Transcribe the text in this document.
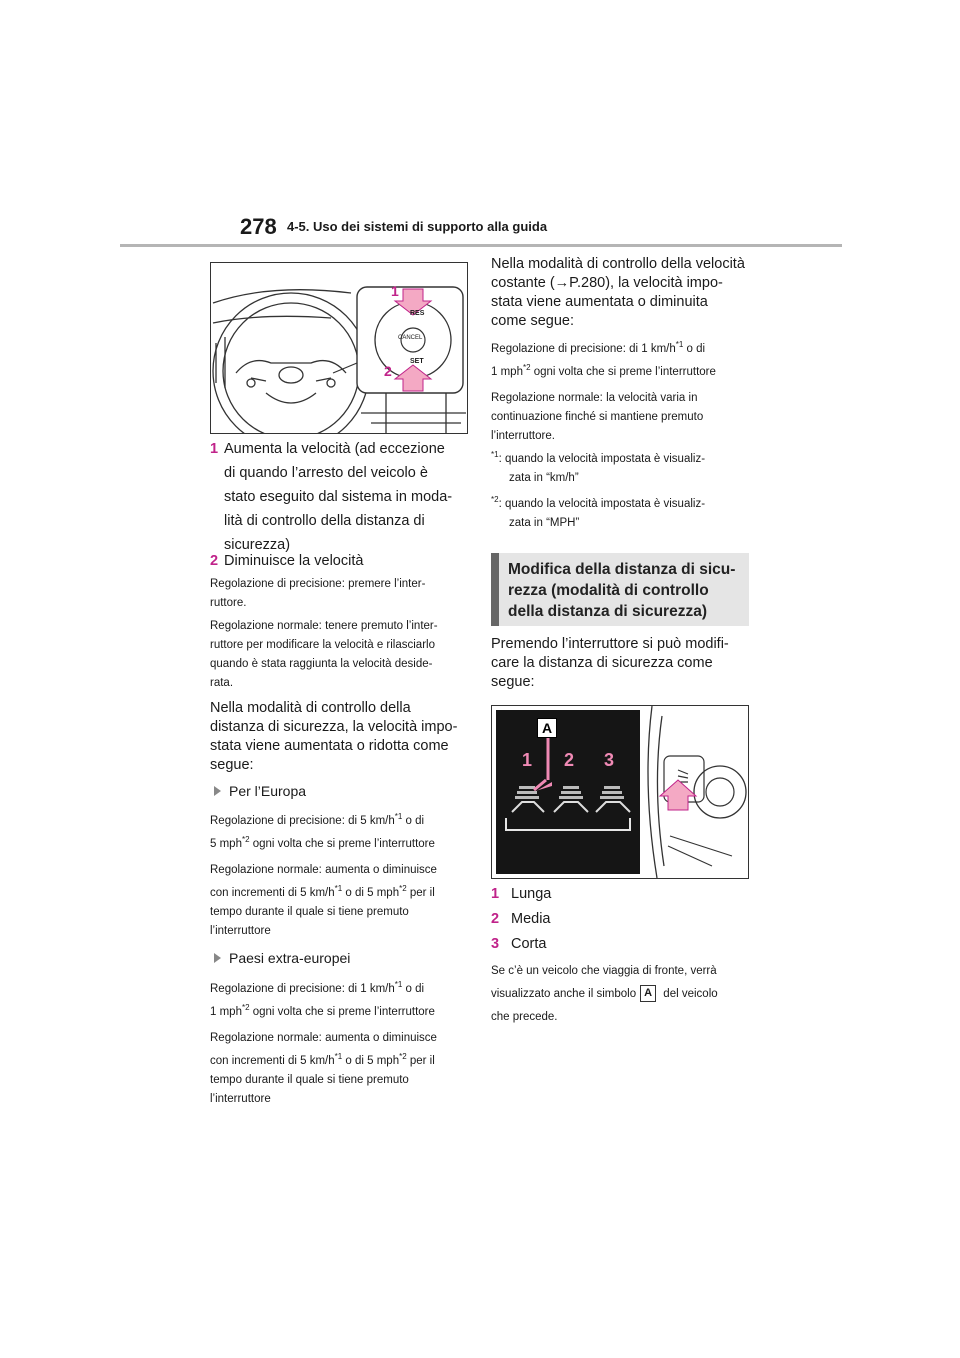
278 4-5. Uso dei sistemi di supporto alla guida
RES
CANCEL
SET
1
2
1 Aumenta la velocità (ad eccezione
di quando l’arresto del veicolo è
stato eseguito dal sistema in moda-
lità di controllo della distanza di
sicurezza)
2 Diminuisce la velocità
Regolazione di precisione: premere l’inter-
ruttore.
Regolazione normale: tenere premuto l’inter-
ruttore per modificare la velocità e rilasciarlo
quando è stata raggiunta la velocità deside-
rata.
Nella modalità di controllo della
distanza di sicurezza, la velocità impo-
stata viene aumentata o ridotta come
segue:
Per l’Europa
Regolazione di precisione: di 5 $km/h^{*1}$ o di
5 mph$^{*2}$ ogni volta che si preme l’interruttore
Regolazione normale: aumenta o diminuisce
con incrementi di 5 $km/h^{*1}$ o di 5 mph$^{*2}$ per il
tempo durante il quale si tiene premuto
l’interruttore
Paesi extra-europei
Regolazione di precisione: di 1 $km/h^{*1}$ o di
1 mph$^{*2}$ ogni volta che si preme l’interruttore
Regolazione normale: aumenta o diminuisce
con incrementi di 5 $km/h^{*1}$ o di 5 mph$^{*2}$ per il
tempo durante il quale si tiene premuto
l’interruttore
Nella modalità di controllo della velocità
costante (→P.280), la velocità impo-
stata viene aumentata o diminuita
come segue:
Regolazione di precisione: di 1 $km/h^{*1}$ o di
1 mph$^{*2}$ ogni volta che si preme l’interruttore
Regolazione normale: la velocità varia in
continuazione finché si mantiene premuto
l’interruttore.
$^{*1}$: quando la velocità impostata è visualiz-
zata in “km/h”
$^{*2}$: quando la velocità impostata è visualiz-
zata in “MPH”
Modifica della distanza di sicu-
rezza (modalità di controllo
della distanza di sicurezza)
Premendo l’interruttore si può modifi-
care la distanza di sicurezza come
segue:
A
1 2 3
1 Lunga
2 Media
3 Corta
Se c’è un veicolo che viaggia di fronte, verrà
visualizzato anche il simbolo A del veicolo
che precede.
